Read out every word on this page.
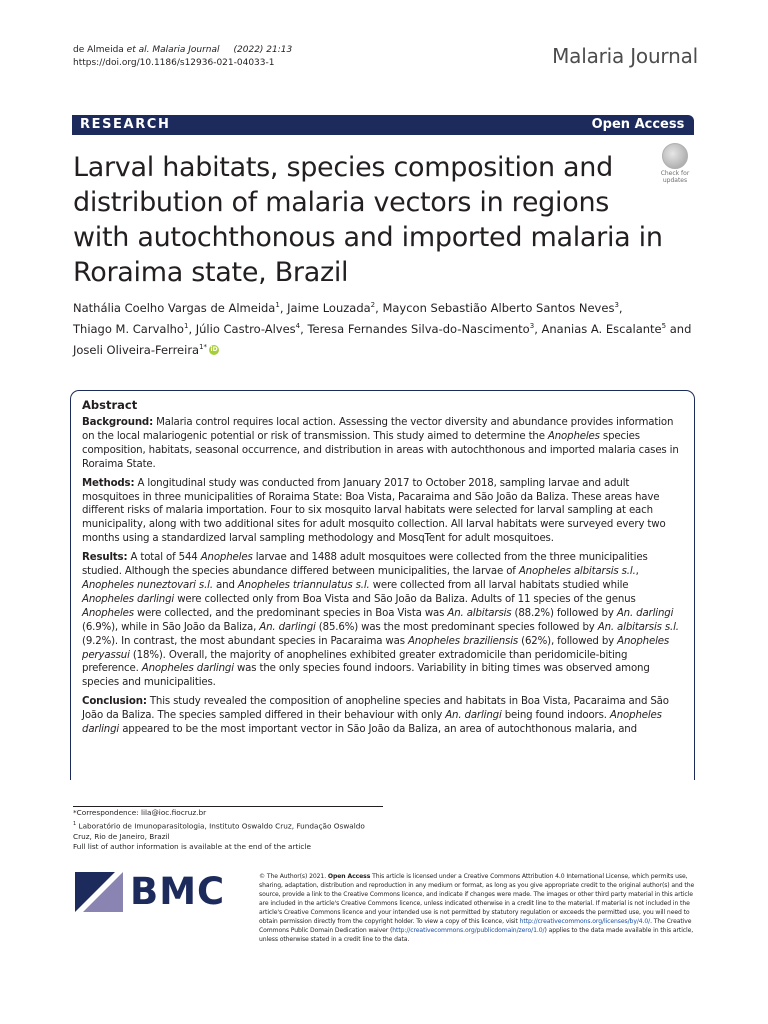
de Almeida et al. Malaria Journal (2022) 21:13
https://doi.org/10.1186/s12936-021-04033-1	Malaria Journal
RESEARCH	Open Access
Larval habitats, species composition and distribution of malaria vectors in regions with autochthonous and imported malaria in Roraima state, Brazil
Check for updates
Nathália Coelho Vargas de Almeida$^1$, Jaime Louzada$^2$, Maycon Sebastião Alberto Santos Neves$^3$,
Thiago M. Carvalho$^1$, Júlio Castro-Alves$^4$, Teresa Fernandes Silva-do-Nascimento$^3$, Ananias A. Escalante$^5$ and
Joseli Oliveira-Ferreira$^{1*}$ iD
Abstract

Background: Malaria control requires local action. Assessing the vector diversity and abundance provides information on the local malariogenic potential or risk of transmission. This study aimed to determine the Anopheles species composition, habitats, seasonal occurrence, and distribution in areas with autochthonous and imported malaria cases in Roraima State.

Methods: A longitudinal study was conducted from January 2017 to October 2018, sampling larvae and adult mosquitoes in three municipalities of Roraima State: Boa Vista, Pacaraima and São João da Baliza. These areas have different risks of malaria importation. Four to six mosquito larval habitats were selected for larval sampling at each municipality, along with two additional sites for adult mosquito collection. All larval habitats were surveyed every two months using a standardized larval sampling methodology and MosqTent for adult mosquitoes.

Results: A total of 544 Anopheles larvae and 1488 adult mosquitoes were collected from the three municipalities studied. Although the species abundance differed between municipalities, the larvae of Anopheles albitarsis s.l., Anopheles nuneztovari s.l. and Anopheles triannulatus s.l. were collected from all larval habitats studied while Anopheles darlingi were collected only from Boa Vista and São João da Baliza. Adults of 11 species of the genus Anopheles were collected, and the predominant species in Boa Vista was An. albitarsis (88.2%) followed by An. darlingi (6.9%), while in São João da Baliza, An. darlingi (85.6%) was the most predominant species followed by An. albitarsis s.l. (9.2%). In contrast, the most abundant species in Pacaraima was Anopheles braziliensis (62%), followed by Anopheles peryassui (18%). Overall, the majority of anophelines exhibited greater extradomicile than peridomicile-biting preference. Anopheles darlingi was the only species found indoors. Variability in biting times was observed among species and municipalities.

Conclusion: This study revealed the composition of anopheline species and habitats in Boa Vista, Pacaraima and São João da Baliza. The species sampled differed in their behaviour with only An. darlingi being found indoors. Anopheles darlingi appeared to be the most important vector in São João da Baliza, an area of autochthonous malaria, and

*Correspondence: lila@ioc.fiocruz.br
$^1$ Laboratório de Imunoparasitologia, Instituto Oswaldo Cruz, Fundação Oswaldo Cruz, Rio de Janeiro, Brazil
Full list of author information is available at the end of the article
BMC	© The Author(s) 2021. Open Access This article is licensed under a Creative Commons Attribution 4.0 International License, which permits use, sharing, adaptation, distribution and reproduction in any medium or format, as long as you give appropriate credit to the original author(s) and the source, provide a link to the Creative Commons licence, and indicate if changes were made. The images or other third party material in this article are included in the article's Creative Commons licence, unless indicated otherwise in a credit line to the material. If material is not included in the article's Creative Commons licence and your intended use is not permitted by statutory regulation or exceeds the permitted use, you will need to obtain permission directly from the copyright holder. To view a copy of this licence, visit http://creativecommons.org/licenses/by/4.0/. The Creative Commons Public Domain Dedication waiver (http://creativecommons.org/publicdomain/zero/1.0/) applies to the data made available in this article, unless otherwise stated in a credit line to the data.
